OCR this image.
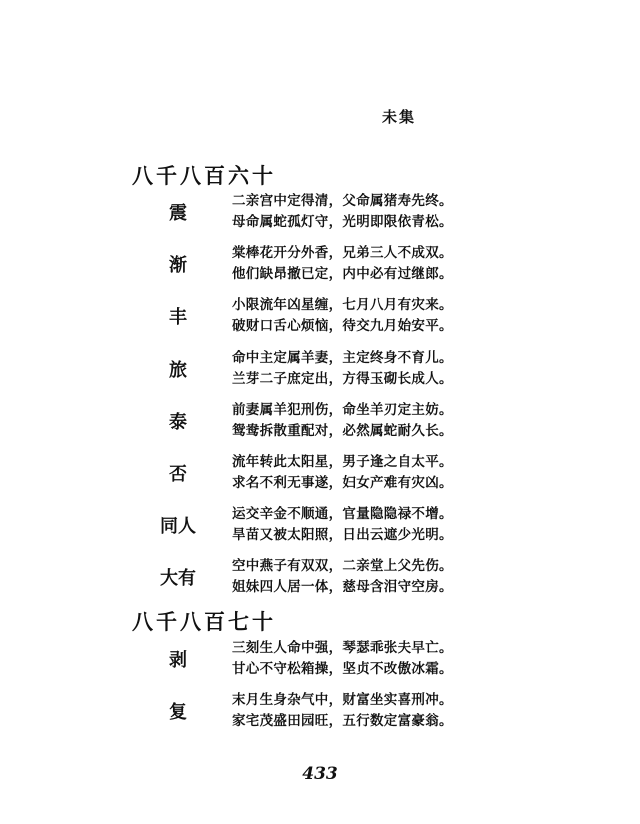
未集
八千八百六十
震
二亲宫中定得清，父命属猪寿先终。
母命属蛇孤灯守，光明即限依青松。
渐
棠棒花开分外香，兄弟三人不成双。
他们缺昂撤已定，内中必有过继郎。
丰
小限流年凶星缠，七月八月有灾来。
破财口舌心烦恼，待交九月始安平。
旅
命中主定属羊妻，主定终身不育儿。
兰芽二子庶定出，方得玉砌长成人。
泰
前妻属羊犯刑伤，命坐羊刃定主妨。
鸳鸯拆散重配对，必然属蛇耐久长。
否
流年转此太阳星，男子逢之自太平。
求名不利无事遂，妇女产难有灾凶。
同人
运交辛金不顺通，官量隐隐禄不增。
旱苗又被太阳照，日出云遮少光明。
大有
空中燕子有双双，二亲堂上父先伤。
姐妹四人居一体，慈母含泪守空房。
八千八百七十
剥
三刻生人命中强，琴瑟乖张夫早亡。
甘心不守松箱操，坚贞不改傲冰霜。
复
末月生身杂气中，财富坐实喜刑冲。
家宅茂盛田园旺，五行数定富豪翁。
433
